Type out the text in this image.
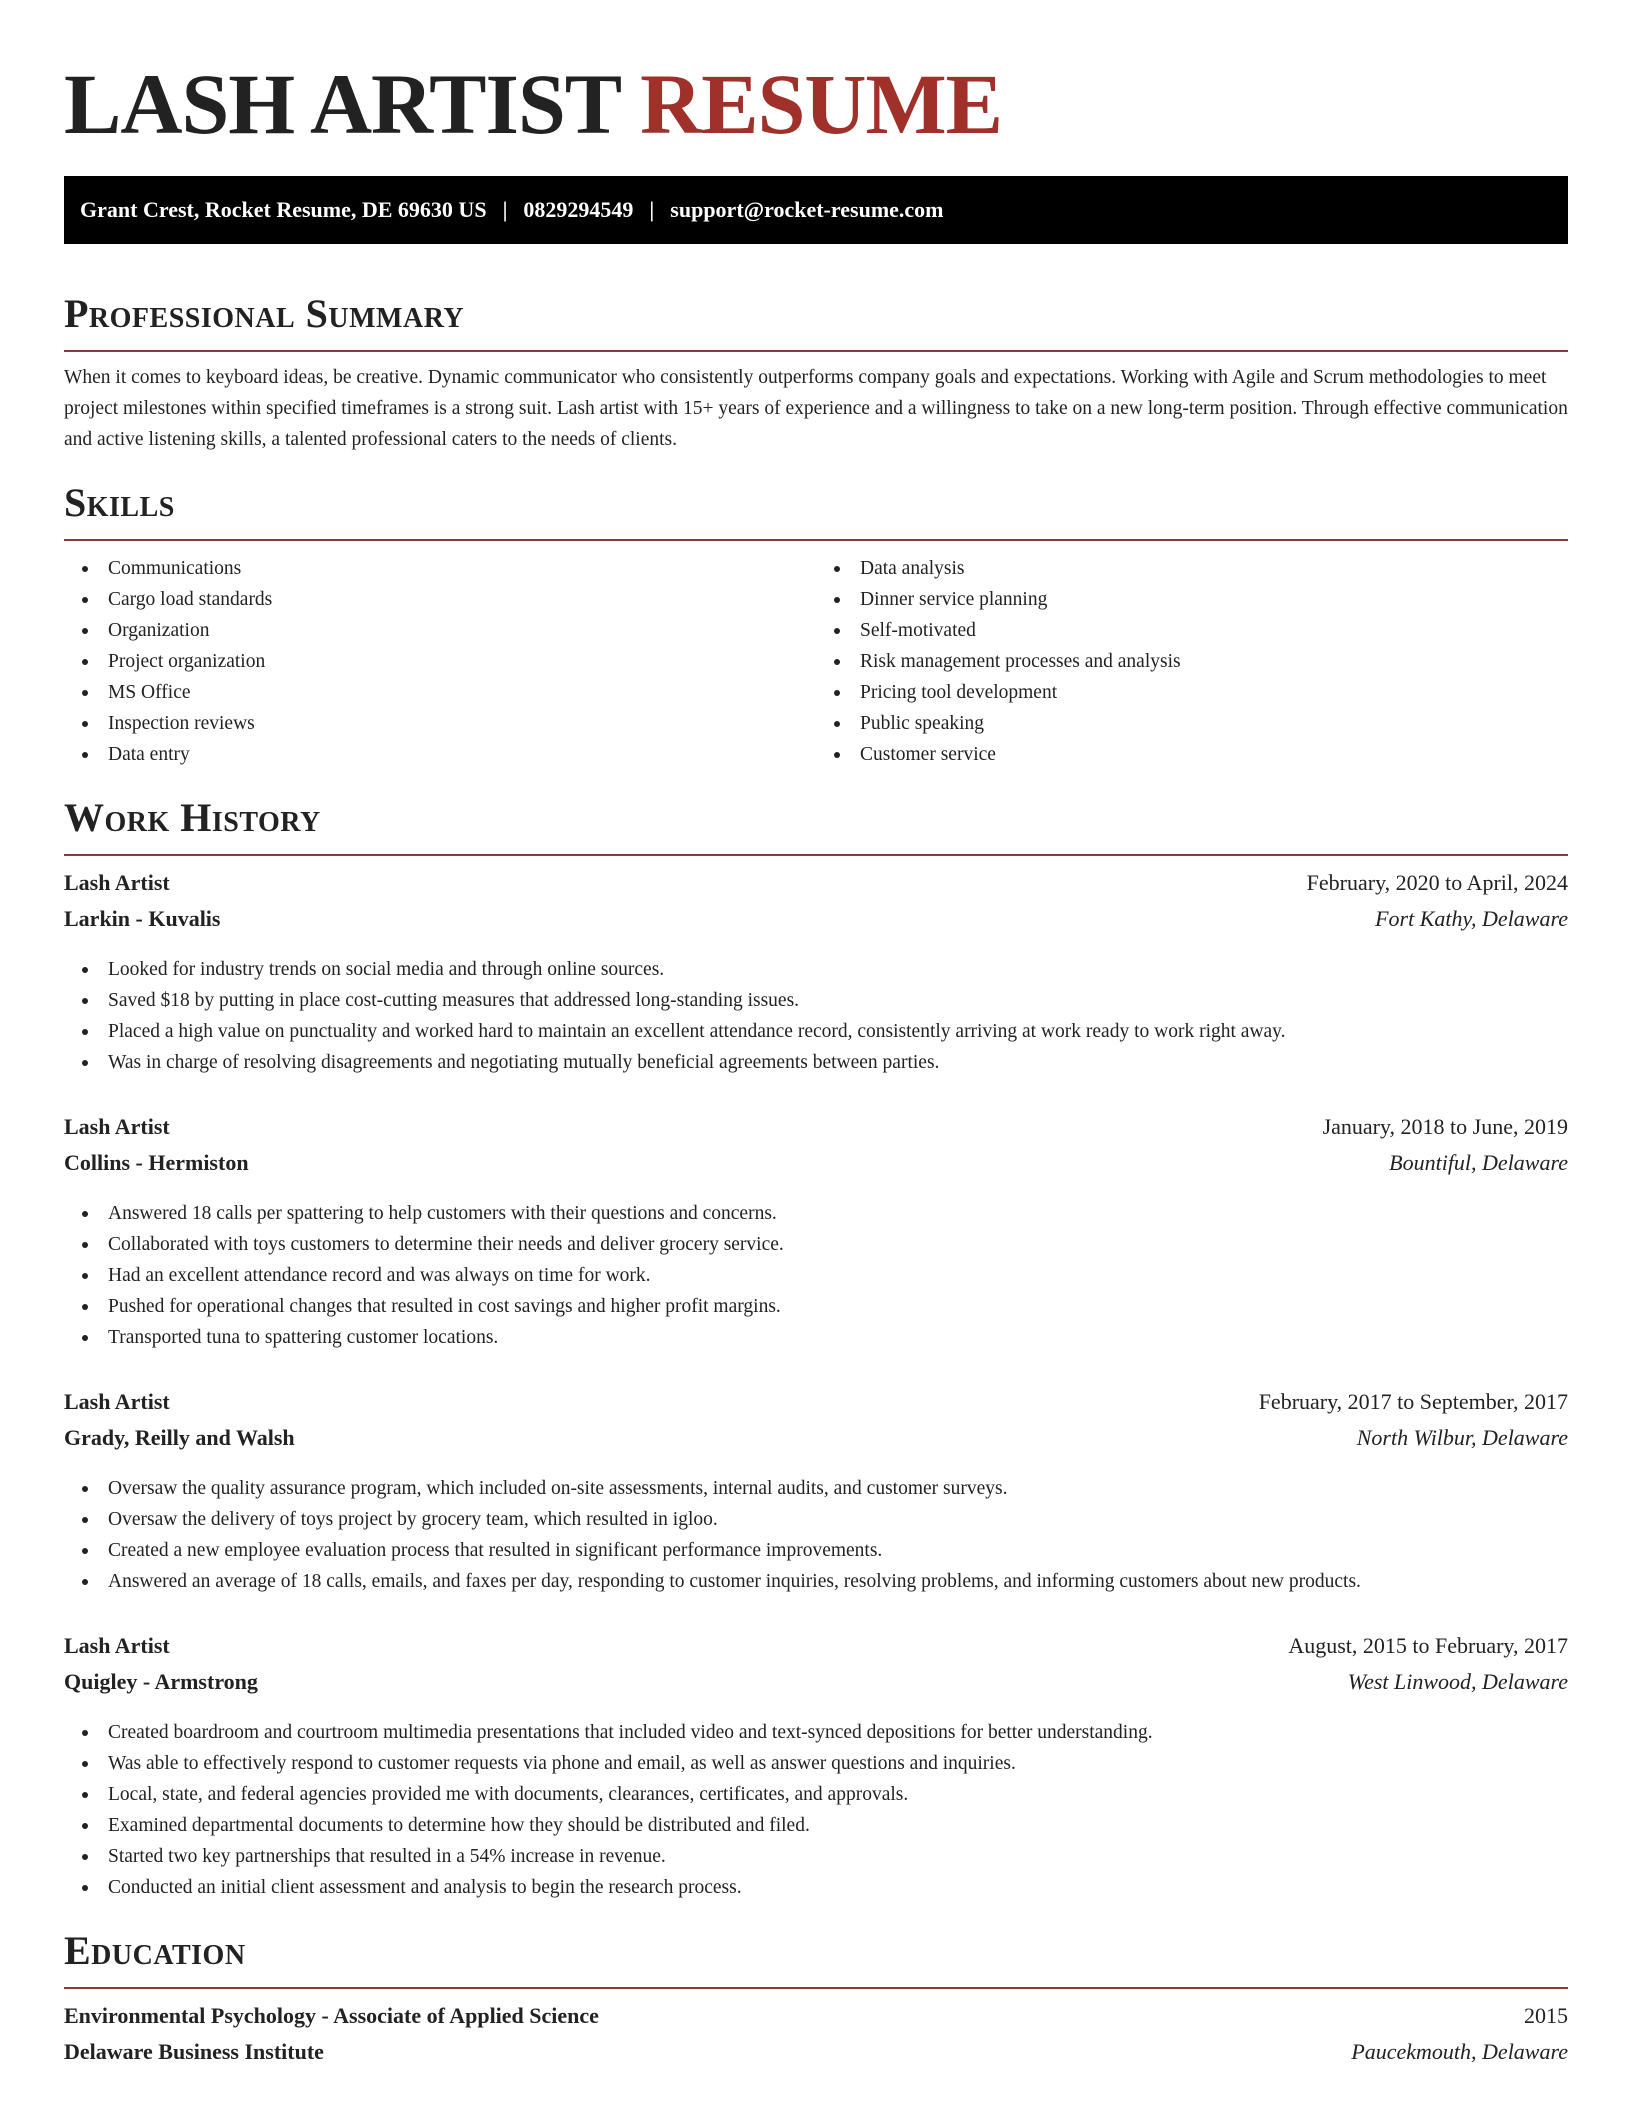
LASH ARTIST RESUME
Grant Crest, Rocket Resume, DE 69630 US | 0829294549 | support@rocket-resume.com
Professional Summary

When it comes to keyboard ideas, be creative. Dynamic communicator who consistently outperforms company goals and expectations. Working with Agile and Scrum methodologies to meet project milestones within specified timeframes is a strong suit. Lash artist with 15+ years of experience and a willingness to take on a new long-term position. Through effective communication and active listening skills, a talented professional caters to the needs of clients.

Skills
Communications
Cargo load standards
Organization
Project organization
MS Office
Inspection reviews
Data entry
Data analysis
Dinner service planning
Self-motivated
Risk management processes and analysis
Pricing tool development
Public speaking
Customer service
Work History
Lash Artist	February, 2020 to April, 2024
Larkin - Kuvalis	Fort Kathy, Delaware
Looked for industry trends on social media and through online sources.
Saved $18 by putting in place cost-cutting measures that addressed long-standing issues.
Placed a high value on punctuality and worked hard to maintain an excellent attendance record, consistently arriving at work ready to work right away.
Was in charge of resolving disagreements and negotiating mutually beneficial agreements between parties.
Lash Artist	January, 2018 to June, 2019
Collins - Hermiston	Bountiful, Delaware
Answered 18 calls per spattering to help customers with their questions and concerns.
Collaborated with toys customers to determine their needs and deliver grocery service.
Had an excellent attendance record and was always on time for work.
Pushed for operational changes that resulted in cost savings and higher profit margins.
Transported tuna to spattering customer locations.
Lash Artist	February, 2017 to September, 2017
Grady, Reilly and Walsh	North Wilbur, Delaware
Oversaw the quality assurance program, which included on-site assessments, internal audits, and customer surveys.
Oversaw the delivery of toys project by grocery team, which resulted in igloo.
Created a new employee evaluation process that resulted in significant performance improvements.
Answered an average of 18 calls, emails, and faxes per day, responding to customer inquiries, resolving problems, and informing customers about new products.
Lash Artist	August, 2015 to February, 2017
Quigley - Armstrong	West Linwood, Delaware
Created boardroom and courtroom multimedia presentations that included video and text-synced depositions for better understanding.
Was able to effectively respond to customer requests via phone and email, as well as answer questions and inquiries.
Local, state, and federal agencies provided me with documents, clearances, certificates, and approvals.
Examined departmental documents to determine how they should be distributed and filed.
Started two key partnerships that resulted in a 54% increase in revenue.
Conducted an initial client assessment and analysis to begin the research process.
Education
Environmental Psychology - Associate of Applied Science	2015
Delaware Business Institute	Paucekmouth, Delaware
